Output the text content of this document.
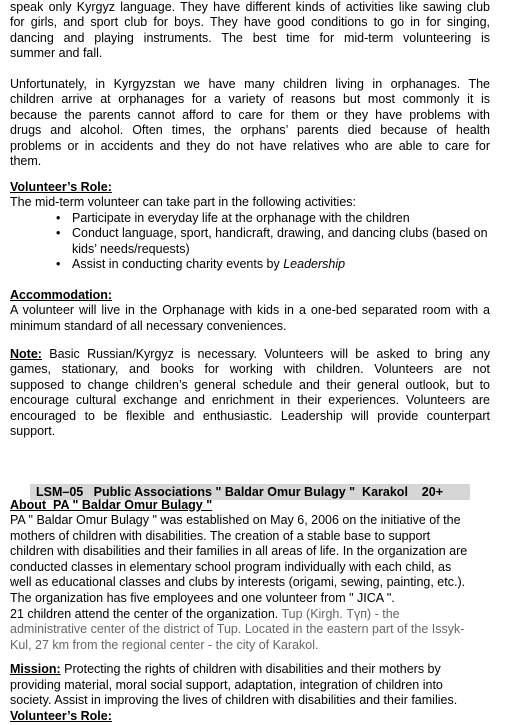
speak only Kyrgyz language. They have different kinds of activities like sawing club
for girls, and sport club for boys. They have good conditions to go in for singing,
dancing and playing instruments. The best time for mid-term volunteering is
summer and fall.
Unfortunately, in Kyrgyzstan we have many children living in orphanages. The
children arrive at orphanages for a variety of reasons but most commonly it is
because the parents cannot afford to care for them or they have problems with
drugs and alcohol. Often times, the orphans’ parents died because of health
problems or in accidents and they do not have relatives who are able to care for
them.
Volunteer’s Role:
The mid-term volunteer can take part in the following activities:
• Participate in everyday life at the orphanage with the children
• Conduct language, sport, handicraft, drawing, and dancing clubs (based on kids’ needs/requests)
• Assist in conducting charity events by Leadership
Accommodation:
A volunteer will live in the Orphanage with kids in a one-bed separated room with a
minimum standard of all necessary conveniences.
Note: Basic Russian/Kyrgyz is necessary. Volunteers will be asked to bring any
games, stationary, and books for working with children. Volunteers are not
supposed to change children’s general schedule and their general outlook, but to
encourage cultural exchange and enrichment in their experiences. Volunteers are
encouraged to be flexible and enthusiastic. Leadership will provide counterpart
support.
LSM–05   Public Associations " Baldar Omur Bulagy "  Karakol    20+
About  PA " Baldar Omur Bulagy "
PA " Baldar Omur Bulagy " was established on May 6, 2006 on the initiative of the
mothers of children with disabilities. The creation of a stable base to support
children with disabilities and their families in all areas of life. In the organization are
conducted classes in elementary school program individually with each child, as
well as educational classes and clubs by interests (origami, sewing, painting, etc.).
The organization has five employees and one volunteer from " JICA ".
21 children attend the center of the organization. Tup (Kirgh. Түп) - the
administrative center of the district of Tup. Located in the eastern part of the Issyk-
Kul, 27 km from the regional center - the city of Karakol.
Mission: Protecting the rights of children with disabilities and their mothers by
providing material, moral social support, adaptation, integration of children into
society. Assist in improving the lives of children with disabilities and their families.
Volunteer’s Role:
